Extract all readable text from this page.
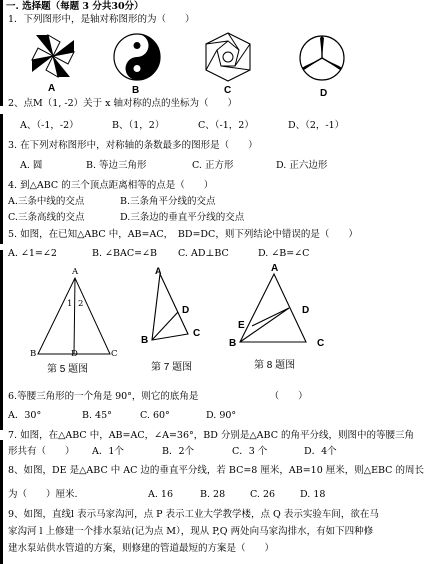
一. 选择题（每题 3 分共30分）
1．下列图形中，是轴对称图形的为（　　）
A	B	C	D
2、点M（1, -2）关于 x 轴对称的点的坐标为（　　）
A、（-1，-2）	B、（1，2）	C、（-1，2）	D、（2，-1）
3. 在下列对称图形中，对称轴的条数最多的图形是（　　）
A. 圆	B. 等边三角形	C. 正方形	D. 正六边形
4. 到△ABC 的三个顶点距离相等的点是（　　）
A.三条中线的交点	B.三条角平分线的交点
C.三条高线的交点	D.三条边的垂直平分线的交点
5. 如图，在已知△ABC 中，AB=AC，　BD=DC，则下列结论中错误的是（　　）
A. ∠1=∠2	B. ∠BAC=∠B C. AD⊥BC	D. ∠B=∠C
A
1 2
B	D	C
第 5 题图
A
D
B
C
第 7 题图
A
D
E
B	C
第 8 题图
6.等腰三角形的一个角是 90°，则它的底角是　　　　　　　　（　　）
A．30°	B. 45°	C. 60°	D. 90°
7. 如图，在△ABC 中，AB=AC，∠A=36°，BD 分别是△ABC 的角平分线，则图中的等腰三角
形共有（　　） A．1个	B．2个	C．3 个	D．4个
8、如图，DE 是△ABC 中 AC 边的垂直平分线，若 BC=8 厘米，AB=10 厘米，则△EBC 的周长
为（　　）厘米.	A. 16	B. 28	C. 26	D. 18
9、如图，直线l 表示马家沟河，点 P 表示工业大学教学楼，点 Q 表示实验车间，欲在马
家沟河 l 上修建一个排水泵站(记为点 M），现从 P,Q 两处向马家沟排水，有如下四种修
建水泵站供水管道的方案，则修建的管道最短的方案是（　　）
